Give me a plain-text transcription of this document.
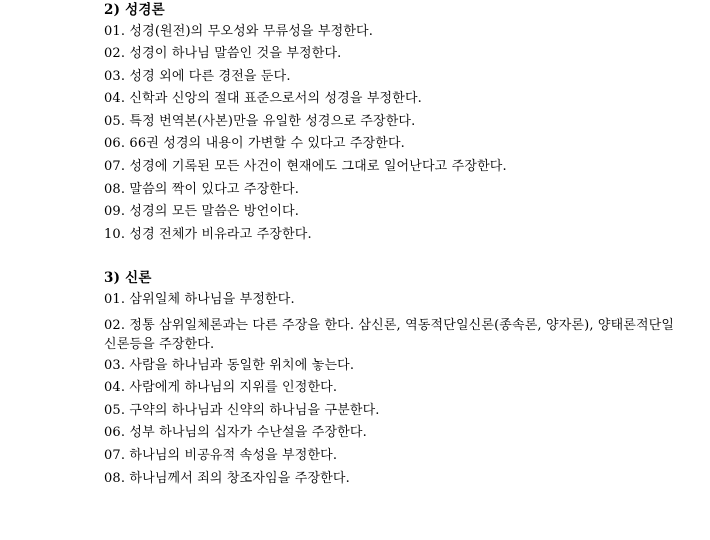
2) 성경론

01. 성경(원전)의 무오성와 무류성을 부정한다.

02. 성경이 하나님 말씀인 것을 부정한다.

03. 성경 외에 다른 경전을 둔다.

04. 신학과 신앙의 절대 표준으로서의 성경을 부정한다.

05. 특정 번역본(사본)만을 유일한 성경으로 주장한다.

06. 66권 성경의 내용이 가변할 수 있다고 주장한다.

07. 성경에 기록된 모든 사건이 현재에도 그대로 일어난다고 주장한다.

08. 말씀의 짝이 있다고 주장한다.

09. 성경의 모든 말씀은 방언이다.

10. 성경 전체가 비유라고 주장한다.

3) 신론

01. 삼위일체 하나님을 부정한다.

02. 정통 삼위일체론과는 다른 주장을 한다. 삼신론, 역동적단일신론(종속론, 양자론), 양태론적단일신론등을 주장한다.

03. 사람을 하나님과 동일한 위치에 놓는다.

04. 사람에게 하나님의 지위를 인정한다.

05. 구약의 하나님과 신약의 하나님을 구분한다.

06. 성부 하나님의 십자가 수난설을 주장한다.

07. 하나님의 비공유적 속성을 부정한다.

08. 하나님께서 죄의 창조자임을 주장한다.
